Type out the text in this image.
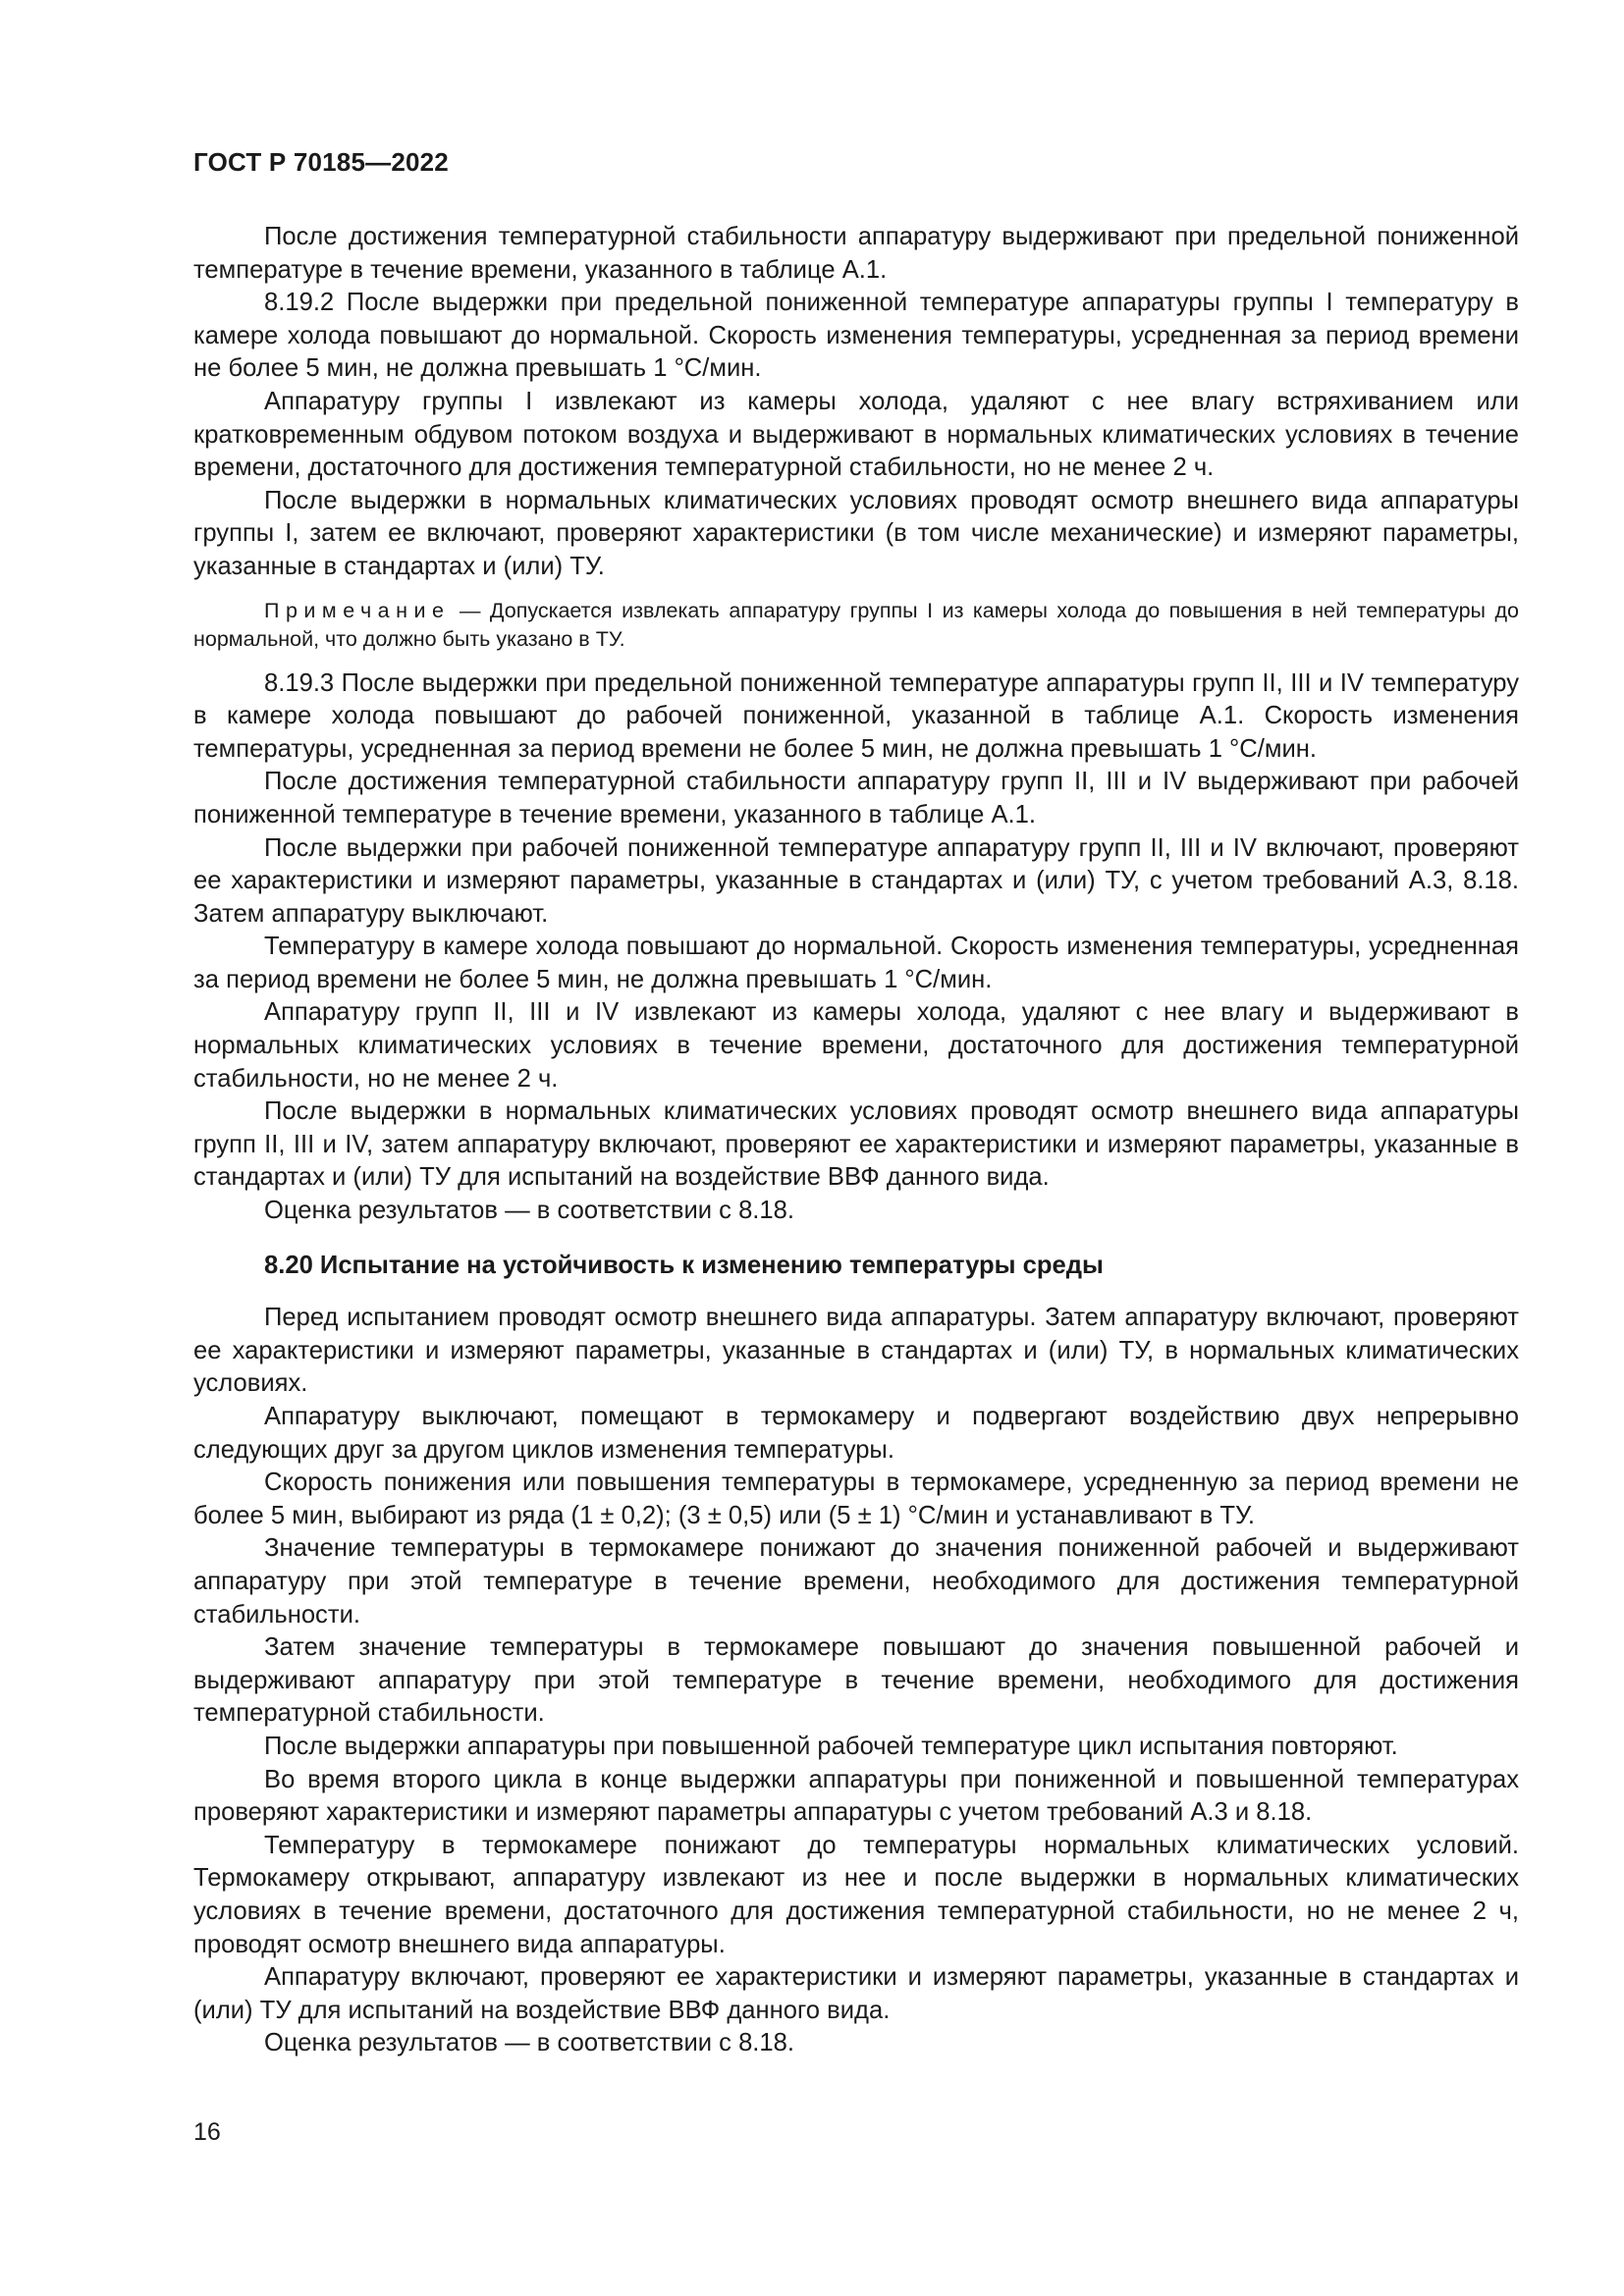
ГОСТ Р 70185—2022

После достижения температурной стабильности аппаратуру выдерживают при предельной пониженной температуре в течение времени, указанного в таблице А.1.

8.19.2 После выдержки при предельной пониженной температуре аппаратуры группы I температуру в камере холода повышают до нормальной. Скорость изменения температуры, усредненная за период времени не более 5 мин, не должна превышать 1 °С/мин.

Аппаратуру группы I извлекают из камеры холода, удаляют с нее влагу встряхиванием или кратковременным обдувом потоком воздуха и выдерживают в нормальных климатических условиях в течение времени, достаточного для достижения температурной стабильности, но не менее 2 ч.

После выдержки в нормальных климатических условиях проводят осмотр внешнего вида аппаратуры группы I, затем ее включают, проверяют характеристики (в том числе механические) и измеряют параметры, указанные в стандартах и (или) ТУ.

Примечание — Допускается извлекать аппаратуру группы I из камеры холода до повышения в ней температуры до нормальной, что должно быть указано в ТУ.

8.19.3 После выдержки при предельной пониженной температуре аппаратуры групп II, III и IV температуру в камере холода повышают до рабочей пониженной, указанной в таблице А.1. Скорость изменения температуры, усредненная за период времени не более 5 мин, не должна превышать 1 °С/мин.

После достижения температурной стабильности аппаратуру групп II, III и IV выдерживают при рабочей пониженной температуре в течение времени, указанного в таблице А.1.

После выдержки при рабочей пониженной температуре аппаратуру групп II, III и IV включают, проверяют ее характеристики и измеряют параметры, указанные в стандартах и (или) ТУ, с учетом требований А.3, 8.18. Затем аппаратуру выключают.

Температуру в камере холода повышают до нормальной. Скорость изменения температуры, усредненная за период времени не более 5 мин, не должна превышать 1 °С/мин.

Аппаратуру групп II, III и IV извлекают из камеры холода, удаляют с нее влагу и выдерживают в нормальных климатических условиях в течение времени, достаточного для достижения температурной стабильности, но не менее 2 ч.

После выдержки в нормальных климатических условиях проводят осмотр внешнего вида аппаратуры групп II, III и IV, затем аппаратуру включают, проверяют ее характеристики и измеряют параметры, указанные в стандартах и (или) ТУ для испытаний на воздействие ВВФ данного вида.

Оценка результатов — в соответствии с 8.18.

8.20 Испытание на устойчивость к изменению температуры среды

Перед испытанием проводят осмотр внешнего вида аппаратуры. Затем аппаратуру включают, проверяют ее характеристики и измеряют параметры, указанные в стандартах и (или) ТУ, в нормальных климатических условиях.

Аппаратуру выключают, помещают в термокамеру и подвергают воздействию двух непрерывно следующих друг за другом циклов изменения температуры.

Скорость понижения или повышения температуры в термокамере, усредненную за период времени не более 5 мин, выбирают из ряда (1 ± 0,2); (3 ± 0,5) или (5 ± 1) °С/мин и устанавливают в ТУ.

Значение температуры в термокамере понижают до значения пониженной рабочей и выдерживают аппаратуру при этой температуре в течение времени, необходимого для достижения температурной стабильности.

Затем значение температуры в термокамере повышают до значения повышенной рабочей и выдерживают аппаратуру при этой температуре в течение времени, необходимого для достижения температурной стабильности.

После выдержки аппаратуры при повышенной рабочей температуре цикл испытания повторяют.

Во время второго цикла в конце выдержки аппаратуры при пониженной и повышенной температурах проверяют характеристики и измеряют параметры аппаратуры с учетом требований А.3 и 8.18.

Температуру в термокамере понижают до температуры нормальных климатических условий. Термокамеру открывают, аппаратуру извлекают из нее и после выдержки в нормальных климатических условиях в течение времени, достаточного для достижения температурной стабильности, но не менее 2 ч, проводят осмотр внешнего вида аппаратуры.

Аппаратуру включают, проверяют ее характеристики и измеряют параметры, указанные в стандартах и (или) ТУ для испытаний на воздействие ВВФ данного вида.

Оценка результатов — в соответствии с 8.18.

16
